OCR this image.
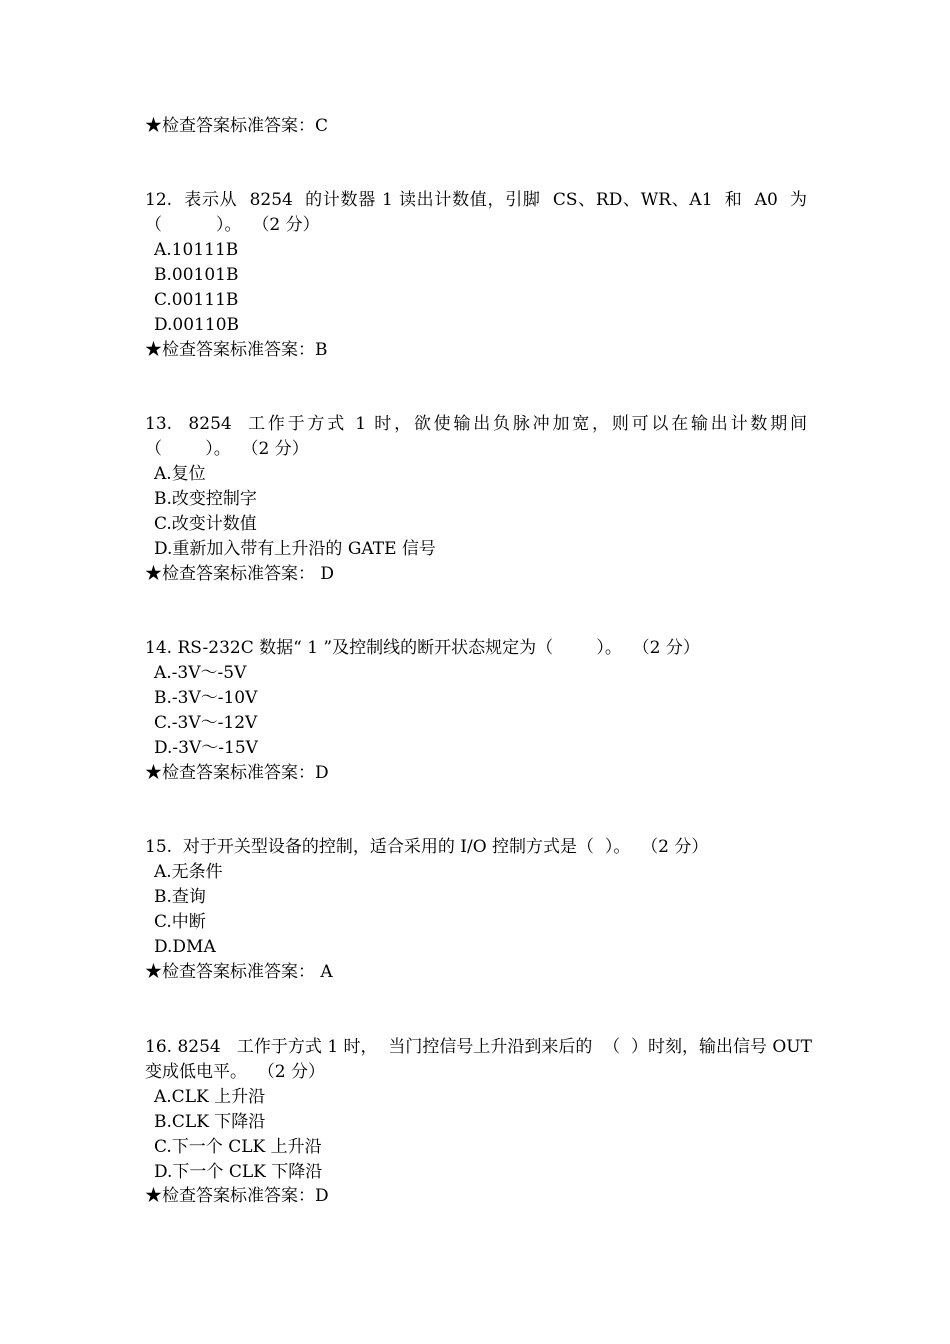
★检查答案标准答案：C
12.  表示从  8254  的计数器 1 读出计数值，引脚  CS、RD、WR、A1  和  A0  为
（          ）。  （2 分）
A.10111B
B.00101B
C.00111B
D.00110B
★检查答案标准答案：B
13.  8254  工作于方式 1 时，欲使输出负脉冲加宽，则可以在输出计数期间
（        ）。  （2 分）
A.复位
B.改变控制字
C.改变计数值
D.重新加入带有上升沿的 GATE 信号
★检查答案标准答案： D
14. RS-232C 数据“ 1 ”及控制线的断开状态规定为（        ）。  （2 分）
A.-3V～-5V
B.-3V～-10V
C.-3V～-12V
D.-3V～-15V
★检查答案标准答案：D
15.  对于开关型设备的控制，适合采用的 I/O 控制方式是（  ）。  （2 分）
A.无条件
B.查询
C.中断
D.DMA
★检查答案标准答案： A
16. 8254   工作于方式 1 时，  当门控信号上升沿到来后的  （  ）时刻，输出信号 OUT
变成低电平。  （2 分）
A.CLK 上升沿
B.CLK 下降沿
C.下一个 CLK 上升沿
D.下一个 CLK 下降沿
★检查答案标准答案：D
